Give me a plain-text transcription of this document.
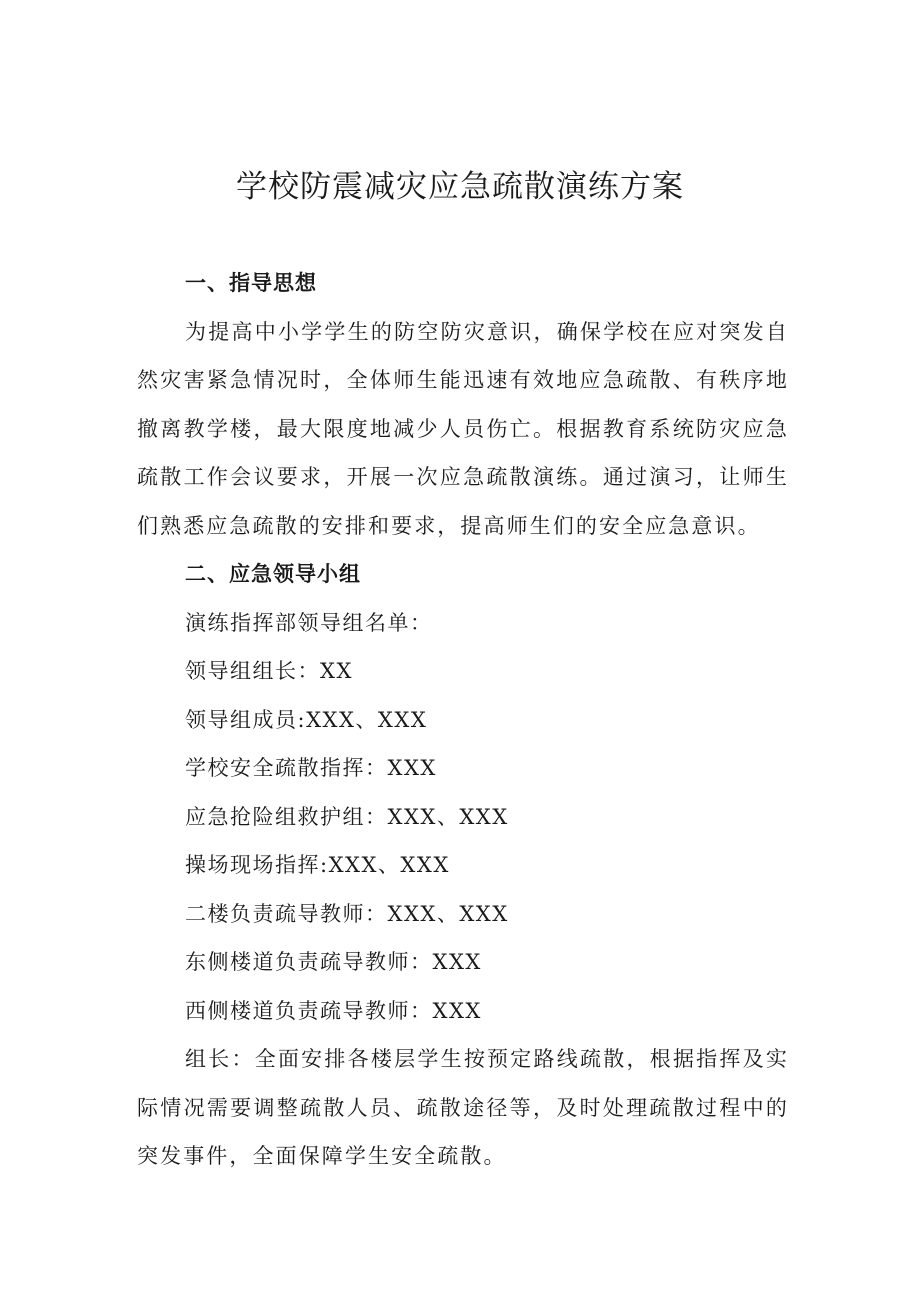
学校防震减灾应急疏散演练方案

一、指导思想

为提高中小学学生的防空防灾意识，确保学校在应对突发自然灾害紧急情况时，全体师生能迅速有效地应急疏散、有秩序地撤离教学楼，最大限度地减少人员伤亡。根据教育系统防灾应急疏散工作会议要求，开展一次应急疏散演练。通过演习，让师生们熟悉应急疏散的安排和要求，提高师生们的安全应急意识。

二、应急领导小组

演练指挥部领导组名单：

领导组组长：XX

领导组成员:XXX、XXX

学校安全疏散指挥：XXX

应急抢险组救护组：XXX、XXX

操场现场指挥:XXX、XXX

二楼负责疏导教师：XXX、XXX

东侧楼道负责疏导教师：XXX

西侧楼道负责疏导教师：XXX

组长：全面安排各楼层学生按预定路线疏散，根据指挥及实际情况需要调整疏散人员、疏散途径等，及时处理疏散过程中的突发事件，全面保障学生安全疏散。
